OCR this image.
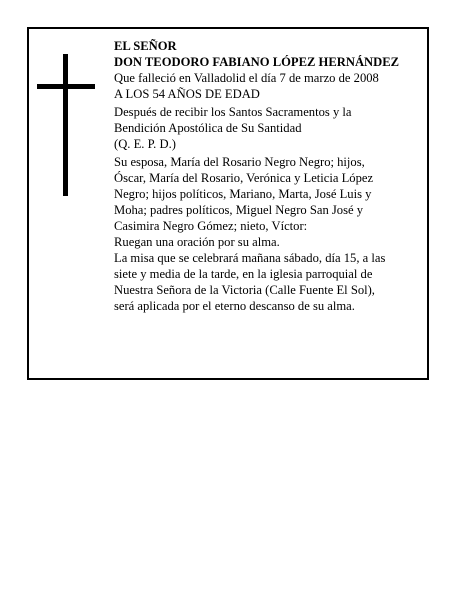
EL SEÑOR
DON TEODORO FABIANO LÓPEZ HERNÁNDEZ
Que falleció en Valladolid el día 7 de marzo de 2008
A LOS 54 AÑOS DE EDAD
Después de recibir los Santos Sacramentos y la
Bendición Apostólica de Su Santidad
(Q. E. P. D.)
Su esposa, María del Rosario Negro Negro; hijos,
Óscar, María del Rosario, Verónica y Leticia López
Negro; hijos políticos, Mariano, Marta, José Luis y
Moha; padres políticos, Miguel Negro San José y
Casimira Negro Gómez; nieto, Víctor:
Ruegan una oración por su alma.
La misa que se celebrará mañana sábado, día 15, a las
siete y media de la tarde, en la iglesia parroquial de
Nuestra Señora de la Victoria (Calle Fuente El Sol),
será aplicada por el eterno descanso de su alma.
